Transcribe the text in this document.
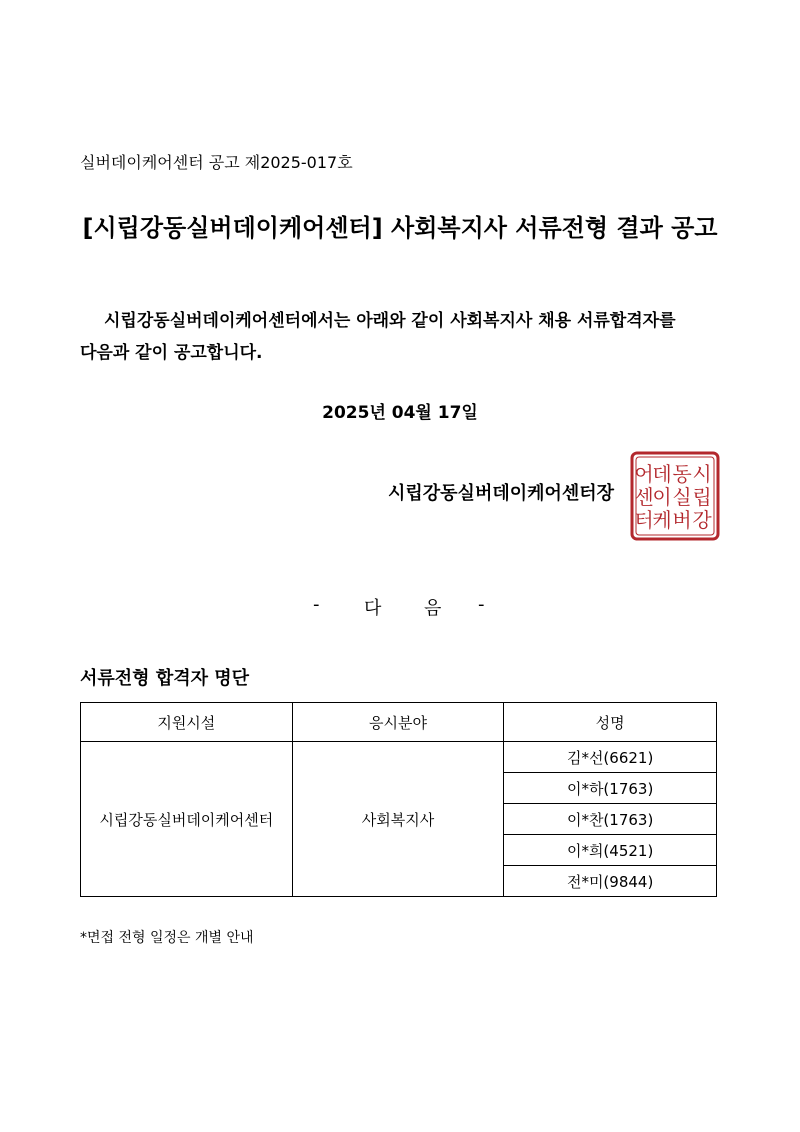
실버데이케어센터 공고 제2025-017호
[시립강동실버데이케어센터] 사회복지사 서류전형 결과 공고
시립강동실버데이케어센터에서는 아래와 같이 사회복지사 채용 서류합격자를
다음과 같이 공고합니다.
2025년 04월 17일
시립강동실버데이케어센터장
시
립
강
동
실
버
데
이
케
어
센
터
- 다 음 -
서류전형 합격자 명단
지원시설	응시분야	성명
시립강동실버데이케어센터	사회복지사	김*선(6621)
		이*하(1763)
		이*찬(1763)
		이*희(4521)
		전*미(9844)
*면접 전형 일정은 개별 안내
